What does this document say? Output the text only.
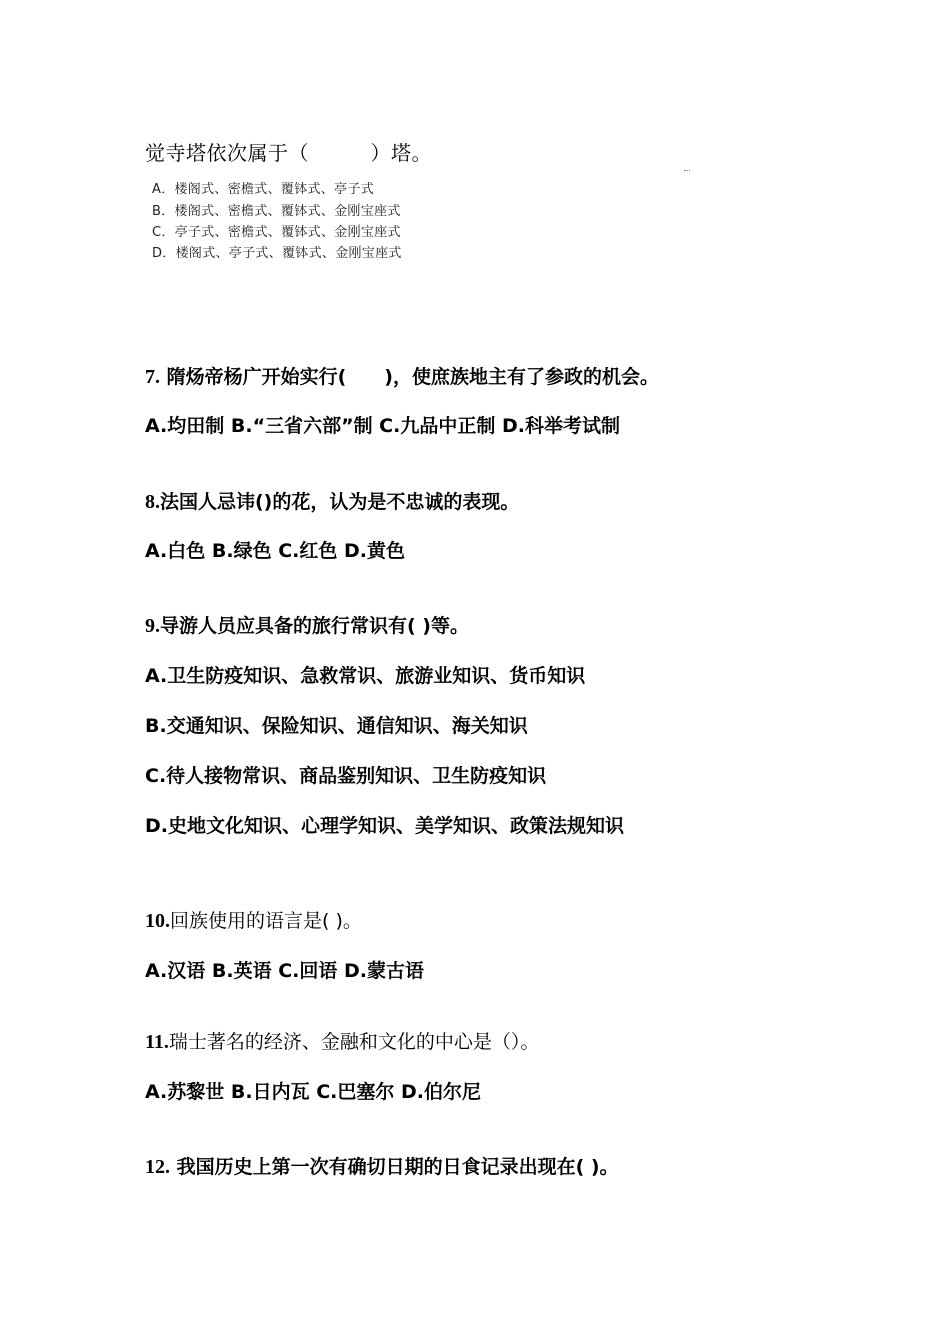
觉寺塔依次属于（　　　）塔。
A．楼阁式、密檐式、覆钵式、亭子式
B．楼阁式、密檐式、覆钵式、金刚宝座式
C．亭子式、密檐式、覆钵式、金刚宝座式
D．楼阁式、亭子式、覆钵式、金刚宝座式
7. 隋炀帝杨广开始实行(　　)，使庶族地主有了参政的机会。
A.均田制 B.“三省六部”制 C.九品中正制 D.科举考试制
8.法国人忌讳()的花，认为是不忠诚的表现。
A.白色 B.绿色 C.红色 D.黄色
9.导游人员应具备的旅行常识有( )等。
A.卫生防疫知识、急救常识、旅游业知识、货币知识
B.交通知识、保险知识、通信知识、海关知识
C.待人接物常识、商品鉴别知识、卫生防疫知识
D.史地文化知识、心理学知识、美学知识、政策法规知识
10.回族使用的语言是( )。
A.汉语 B.英语 C.回语 D.蒙古语
11.瑞士著名的经济、金融和文化的中心是（）。
A.苏黎世 B.日内瓦 C.巴塞尔 D.伯尔尼
12. 我国历史上第一次有确切日期的日食记录出现在( )。
